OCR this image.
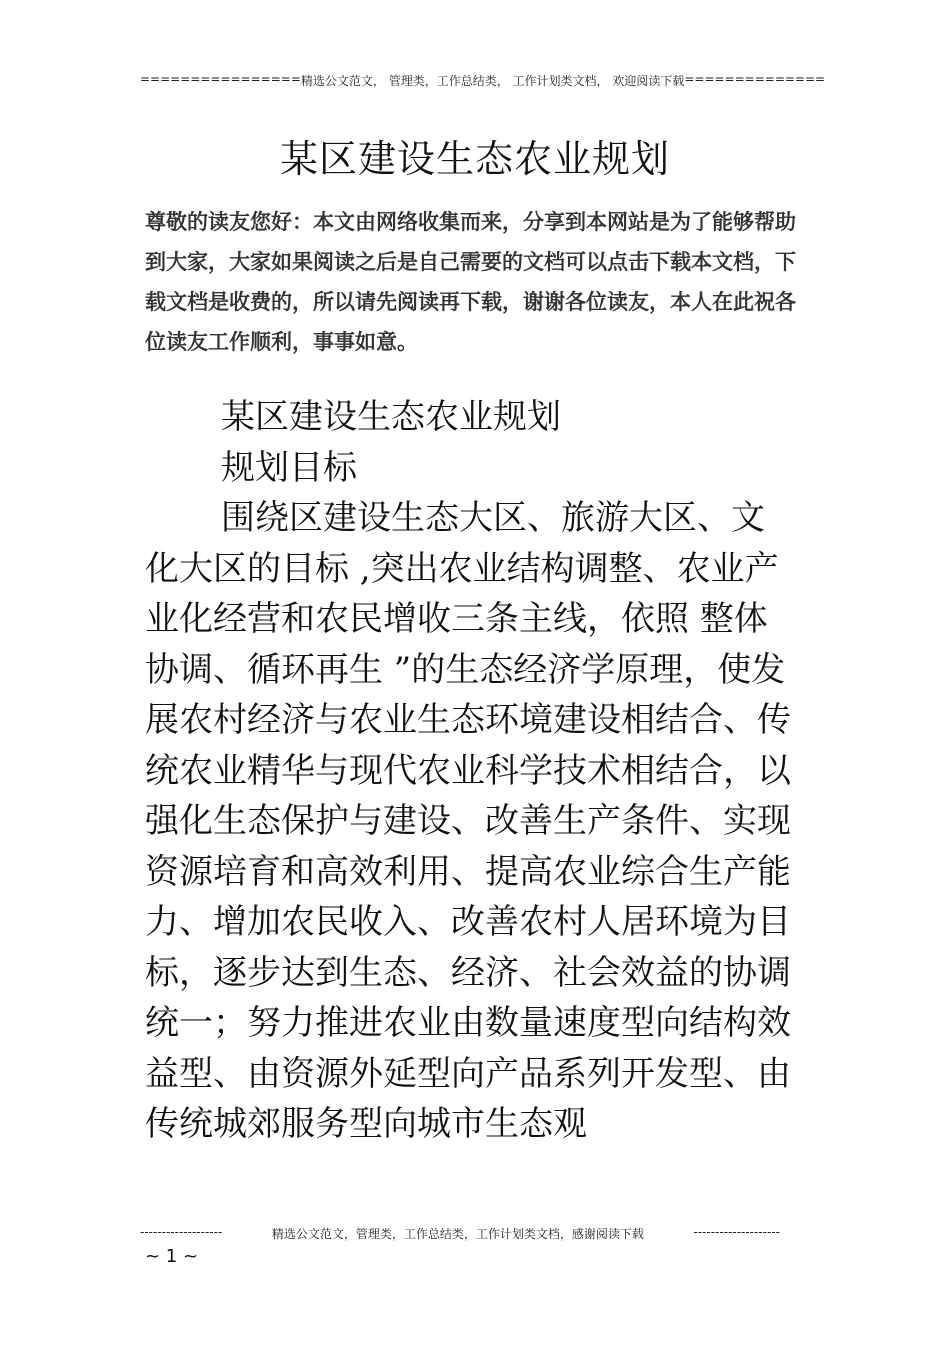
================ 精选公文范文， 管理类，工作总结类， 工作计划类文档， 欢迎阅读下载 ==============
某区建设生态农业规划
尊敬的读友您好：本文由网络收集而来，分享到本网站是为了能够帮助到大家，大家如果阅读之后是自己需要的文档可以点击下载本文档，下载文档是收费的，所以请先阅读再下载，谢谢各位读友，本人在此祝各位读友工作顺利，事事如意。

某区建设生态农业规划

规划目标

围绕区建设生态大区、旅游大区、文化大区的目标 ,突出农业结构调整、农业产业化经营和农民增收三条主线，依照 整体协调、循环再生 ”的生态经济学原理，使发展农村经济与农业生态环境建设相结合、传统农业精华与现代农业科学技术相结合，以强化生态保护与建设、改善生产条件、实现资源培育和高效利用、提高农业综合生产能力、增加农民收入、改善农村人居环境为目标，逐步达到生态、经济、社会效益的协调统一；努力推进农业由数量速度型向结构效益型、由资源外延型向产品系列开发型、由传统城郊服务型向城市生态观

-------------------	精选公文范文，管理类，工作总结类，工作计划类文档，感谢阅读下载	--------------------
~ 1 ~
